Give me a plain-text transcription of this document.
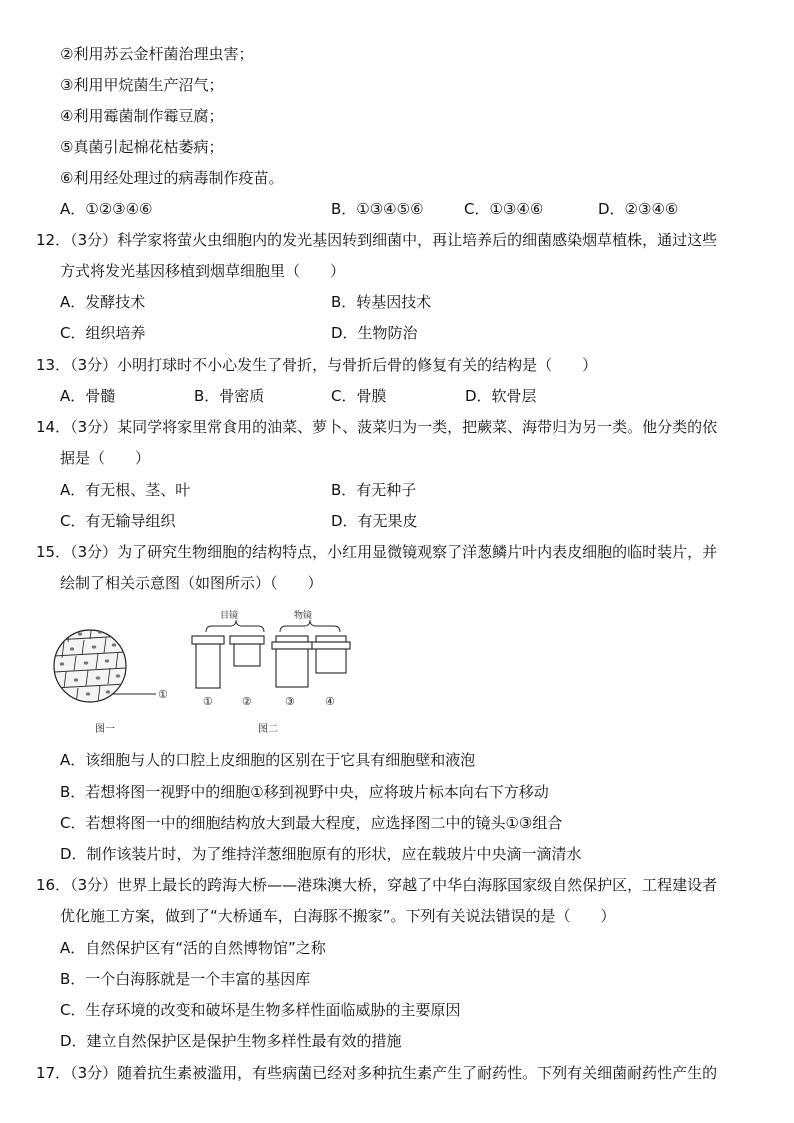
②利用苏云金杆菌治理虫害；
③利用甲烷菌生产沼气；
④利用霉菌制作霉豆腐；
⑤真菌引起棉花枯萎病；
⑥利用经处理过的病毒制作疫苗。
A．①②③④⑥	B．①③④⑤⑥	C．①③④⑥	D．②③④⑥
12．（3分）科学家将萤火虫细胞内的发光基因转到细菌中，再让培养后的细菌感染烟草植株，通过这些
方式将发光基因移植到烟草细胞里（　　）
A．发酵技术	B．转基因技术
C．组织培养	D．生物防治
13．（3分）小明打球时不小心发生了骨折，与骨折后骨的修复有关的结构是（　　）
A．骨髓	B．骨密质	C．骨膜	D．软骨层
14．（3分）某同学将家里常食用的油菜、萝卜、菠菜归为一类，把蕨菜、海带归为另一类。他分类的依
据是（　　）
A．有无根、茎、叶	B．有无种子
C．有无输导组织	D．有无果皮
15．（3分）为了研究生物细胞的结构特点，小红用显微镜观察了洋葱鳞片叶内表皮细胞的临时装片，并
绘制了相关示意图（如图所示）（　　）
①
图一
目镜	物镜
①	②	③	④
图二
A．该细胞与人的口腔上皮细胞的区别在于它具有细胞壁和液泡
B．若想将图一视野中的细胞①移到视野中央，应将玻片标本向右下方移动
C．若想将图一中的细胞结构放大到最大程度，应选择图二中的镜头①③组合
D．制作该装片时，为了维持洋葱细胞原有的形状，应在载玻片中央滴一滴清水
16．（3分）世界上最长的跨海大桥——港珠澳大桥，穿越了中华白海豚国家级自然保护区，工程建设者
优化施工方案，做到了“大桥通车，白海豚不搬家”。下列有关说法错误的是（　　）
A．自然保护区有“活的自然博物馆”之称
B．一个白海豚就是一个丰富的基因库
C．生存环境的改变和破坏是生物多样性面临威胁的主要原因
D．建立自然保护区是保护生物多样性最有效的措施
17．（3分）随着抗生素被滥用，有些病菌已经对多种抗生素产生了耐药性。下列有关细菌耐药性产生的
